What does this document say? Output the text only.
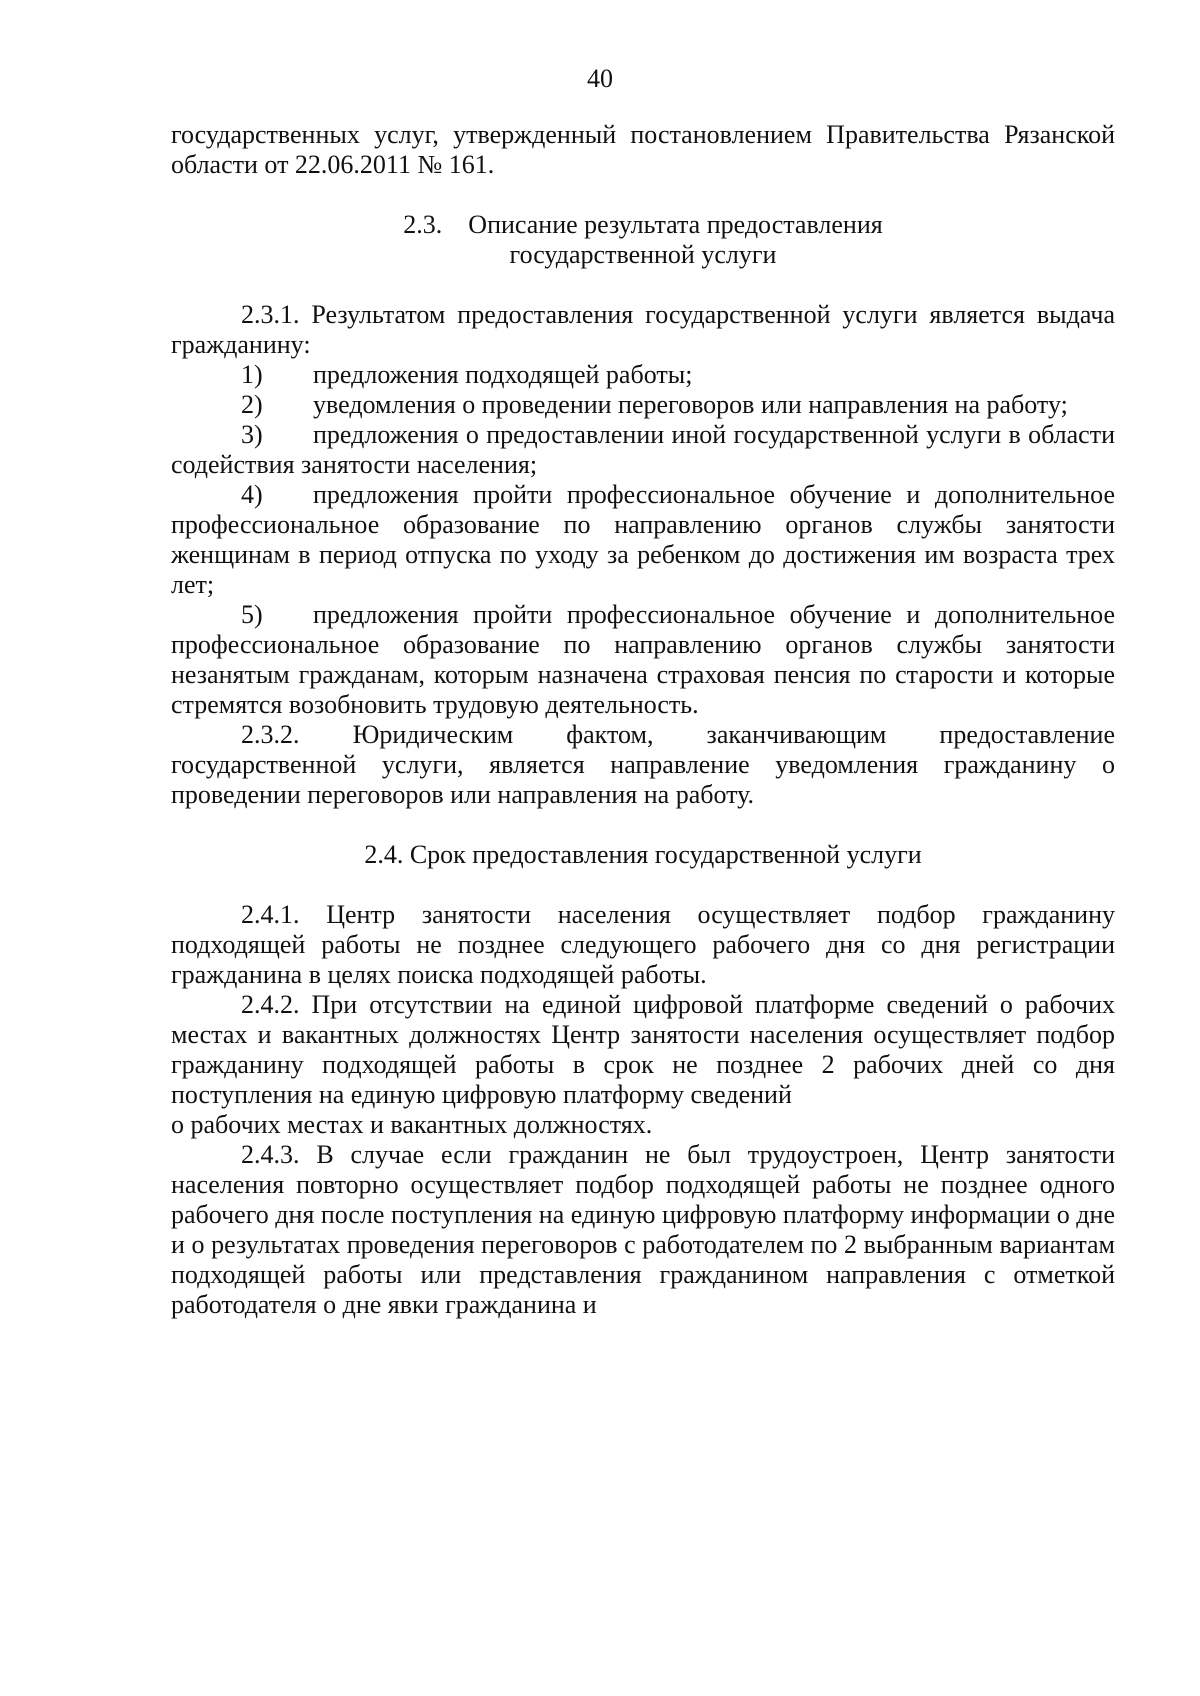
40

государственных услуг, утвержденный постановлением Правительства Рязанской области от 22.06.2011 № 161.

2.3. Описание результата предоставления
государственной услуги

2.3.1. Результатом предоставления государственной услуги является выдача гражданину:

1) предложения подходящей работы;

2) уведомления о проведении переговоров или направления на работу;

3) предложения о предоставлении иной государственной услуги в области содействия занятости населения;

4) предложения пройти профессиональное обучение и дополнительное профессиональное образование по направлению органов службы занятости женщинам в период отпуска по уходу за ребенком до достижения им возраста трех лет;

5) предложения пройти профессиональное обучение и дополнительное профессиональное образование по направлению органов службы занятости незанятым гражданам, которым назначена страховая пенсия по старости и которые стремятся возобновить трудовую деятельность.

2.3.2. Юридическим фактом, заканчивающим предоставление государственной услуги, является направление уведомления гражданину о проведении переговоров или направления на работу.

2.4. Срок предоставления государственной услуги

2.4.1. Центр занятости населения осуществляет подбор гражданину подходящей работы не позднее следующего рабочего дня со дня регистрации гражданина в целях поиска подходящей работы.

2.4.2. При отсутствии на единой цифровой платформе сведений о рабочих местах и вакантных должностях Центр занятости населения осуществляет подбор гражданину подходящей работы в срок не позднее 2 рабочих дней со дня поступления на единую цифровую платформу сведений

о рабочих местах и вакантных должностях.

2.4.3. В случае если гражданин не был трудоустроен, Центр занятости населения повторно осуществляет подбор подходящей работы не позднее одного рабочего дня после поступления на единую цифровую платформу информации о дне и о результатах проведения переговоров с работодателем по 2 выбранным вариантам подходящей работы или представления гражданином направления с отметкой работодателя о дне явки гражданина и
